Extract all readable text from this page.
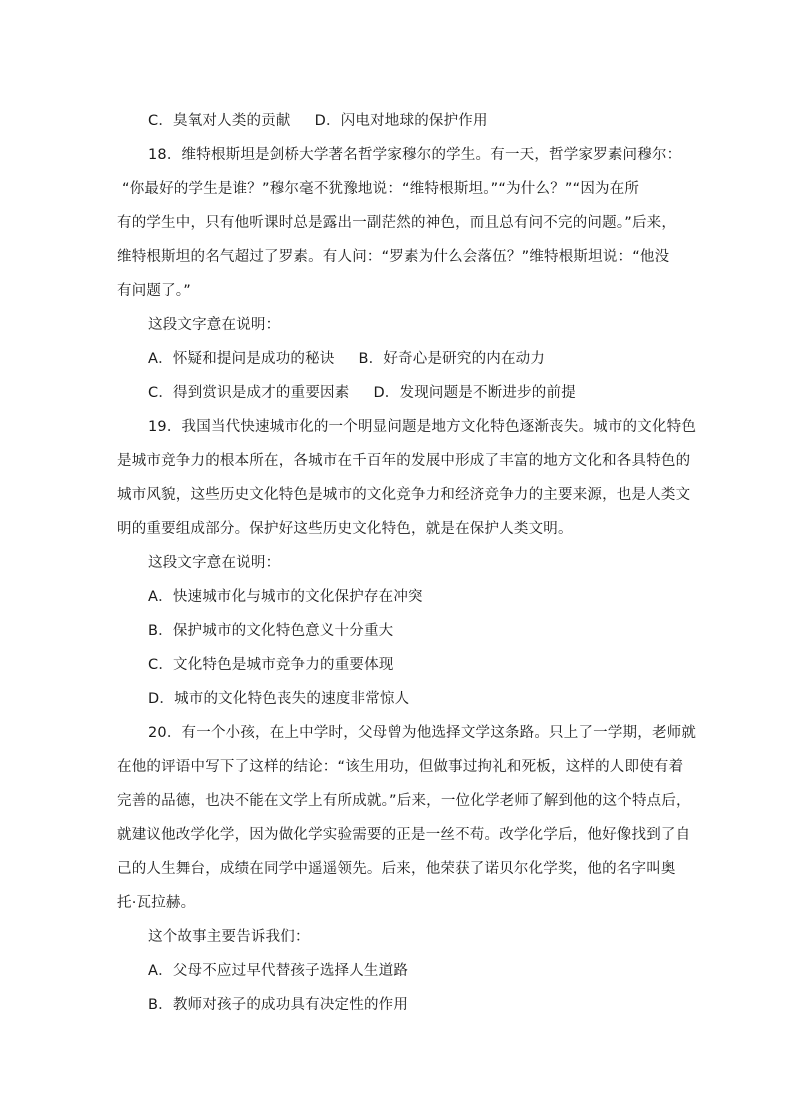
C．臭氧对人类的贡献 D．闪电对地球的保护作用
18．维特根斯坦是剑桥大学著名哲学家穆尔的学生。有一天，哲学家罗素问穆尔：
“你最好的学生是谁？”穆尔毫不犹豫地说：“维特根斯坦。”“为什么？”“因为在所
有的学生中，只有他听课时总是露出一副茫然的神色，而且总有问不完的问题。”后来，
维特根斯坦的名气超过了罗素。有人问：“罗素为什么会落伍？”维特根斯坦说：“他没
有问题了。”
这段文字意在说明：
A．怀疑和提问是成功的秘诀 B．好奇心是研究的内在动力
C．得到赏识是成才的重要因素 D．发现问题是不断进步的前提
19．我国当代快速城市化的一个明显问题是地方文化特色逐渐丧失。城市的文化特色
是城市竞争力的根本所在，各城市在千百年的发展中形成了丰富的地方文化和各具特色的
城市风貌，这些历史文化特色是城市的文化竞争力和经济竞争力的主要来源，也是人类文
明的重要组成部分。保护好这些历史文化特色，就是在保护人类文明。
这段文字意在说明：
A．快速城市化与城市的文化保护存在冲突
B．保护城市的文化特色意义十分重大
C．文化特色是城市竞争力的重要体现
D．城市的文化特色丧失的速度非常惊人
20．有一个小孩，在上中学时，父母曾为他选择文学这条路。只上了一学期，老师就
在他的评语中写下了这样的结论：“该生用功，但做事过拘礼和死板，这样的人即使有着
完善的品德，也决不能在文学上有所成就。”后来，一位化学老师了解到他的这个特点后，
就建议他改学化学，因为做化学实验需要的正是一丝不苟。改学化学后，他好像找到了自
己的人生舞台，成绩在同学中遥遥领先。后来，他荣获了诺贝尔化学奖，他的名字叫奥
托·瓦拉赫。
这个故事主要告诉我们：
A．父母不应过早代替孩子选择人生道路
B．教师对孩子的成功具有决定性的作用
